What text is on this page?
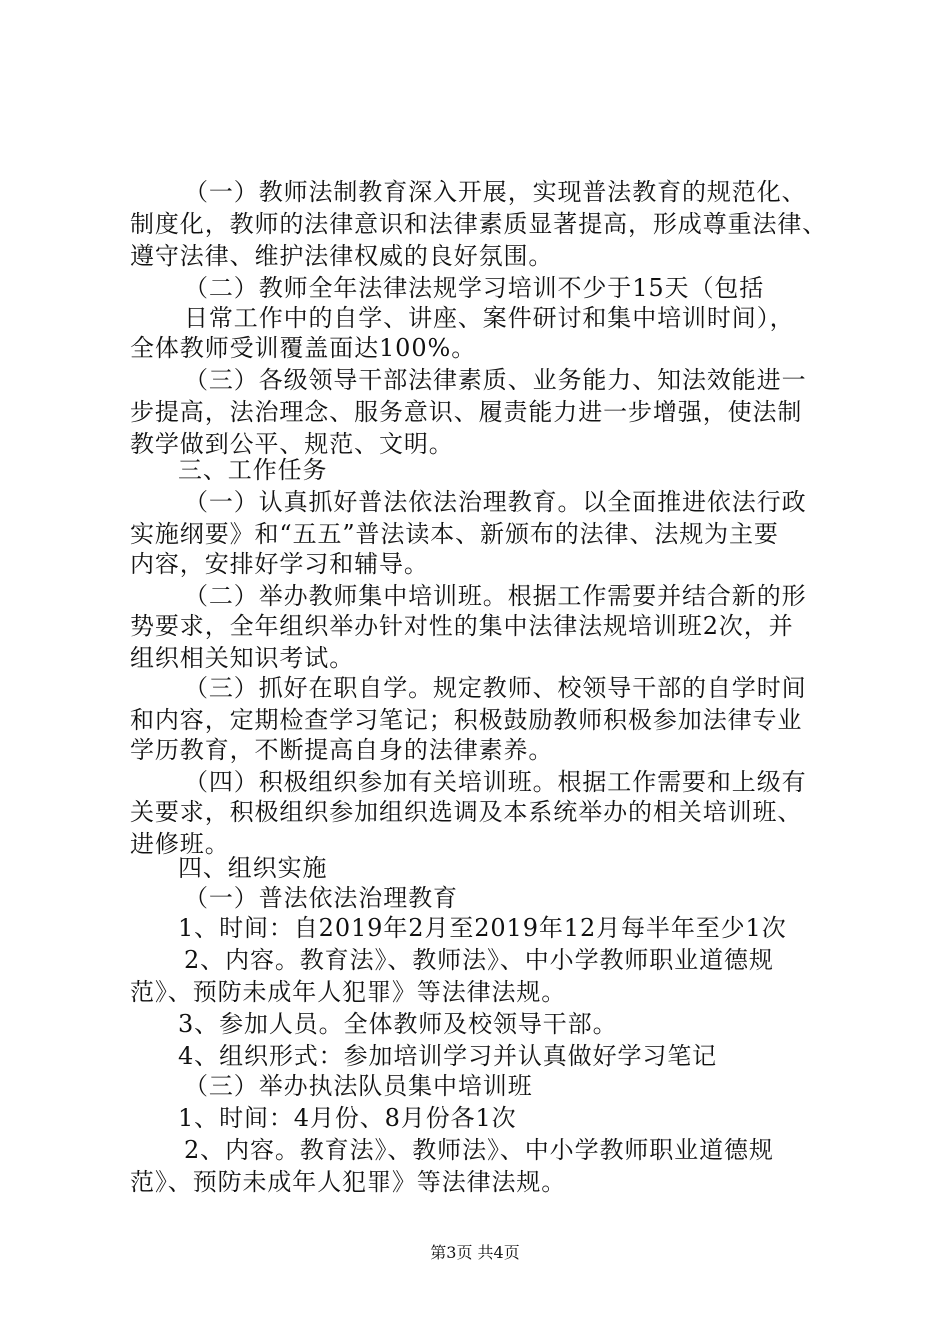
（一）教师法制教育深入开展，实现普法教育的规范化、
制度化，教师的法律意识和法律素质显著提高，形成尊重法律、
遵守法律、维护法律权威的良好氛围。
（二）教师全年法律法规学习培训不少于15天（包括
日常工作中的自学、讲座、案件研讨和集中培训时间），
全体教师受训覆盖面达100%。
（三）各级领导干部法律素质、业务能力、知法效能进一
步提高，法治理念、服务意识、履责能力进一步增强，使法制
教学做到公平、规范、文明。
三、工作任务
（一）认真抓好普法依法治理教育。以全面推进依法行政
实施纲要》和“五五”普法读本、新颁布的法律、法规为主要
内容，安排好学习和辅导。
（二）举办教师集中培训班。根据工作需要并结合新的形
势要求，全年组织举办针对性的集中法律法规培训班2次，并
组织相关知识考试。
（三）抓好在职自学。规定教师、校领导干部的自学时间
和内容，定期检查学习笔记；积极鼓励教师积极参加法律专业
学历教育，不断提高自身的法律素养。
（四）积极组织参加有关培训班。根据工作需要和上级有
关要求，积极组织参加组织选调及本系统举办的相关培训班、
进修班。
四、组织实施
（一）普法依法治理教育
1、时间：自2019年2月至2019年12月每半年至少1次
2、内容。教育法》、教师法》、中小学教师职业道德规
范》、预防未成年人犯罪》等法律法规。
3、参加人员。全体教师及校领导干部。
4、组织形式：参加培训学习并认真做好学习笔记
（三）举办执法队员集中培训班
1、时间：4月份、8月份各1次
2、内容。教育法》、教师法》、中小学教师职业道德规
范》、预防未成年人犯罪》等法律法规。
第3页 共4页
